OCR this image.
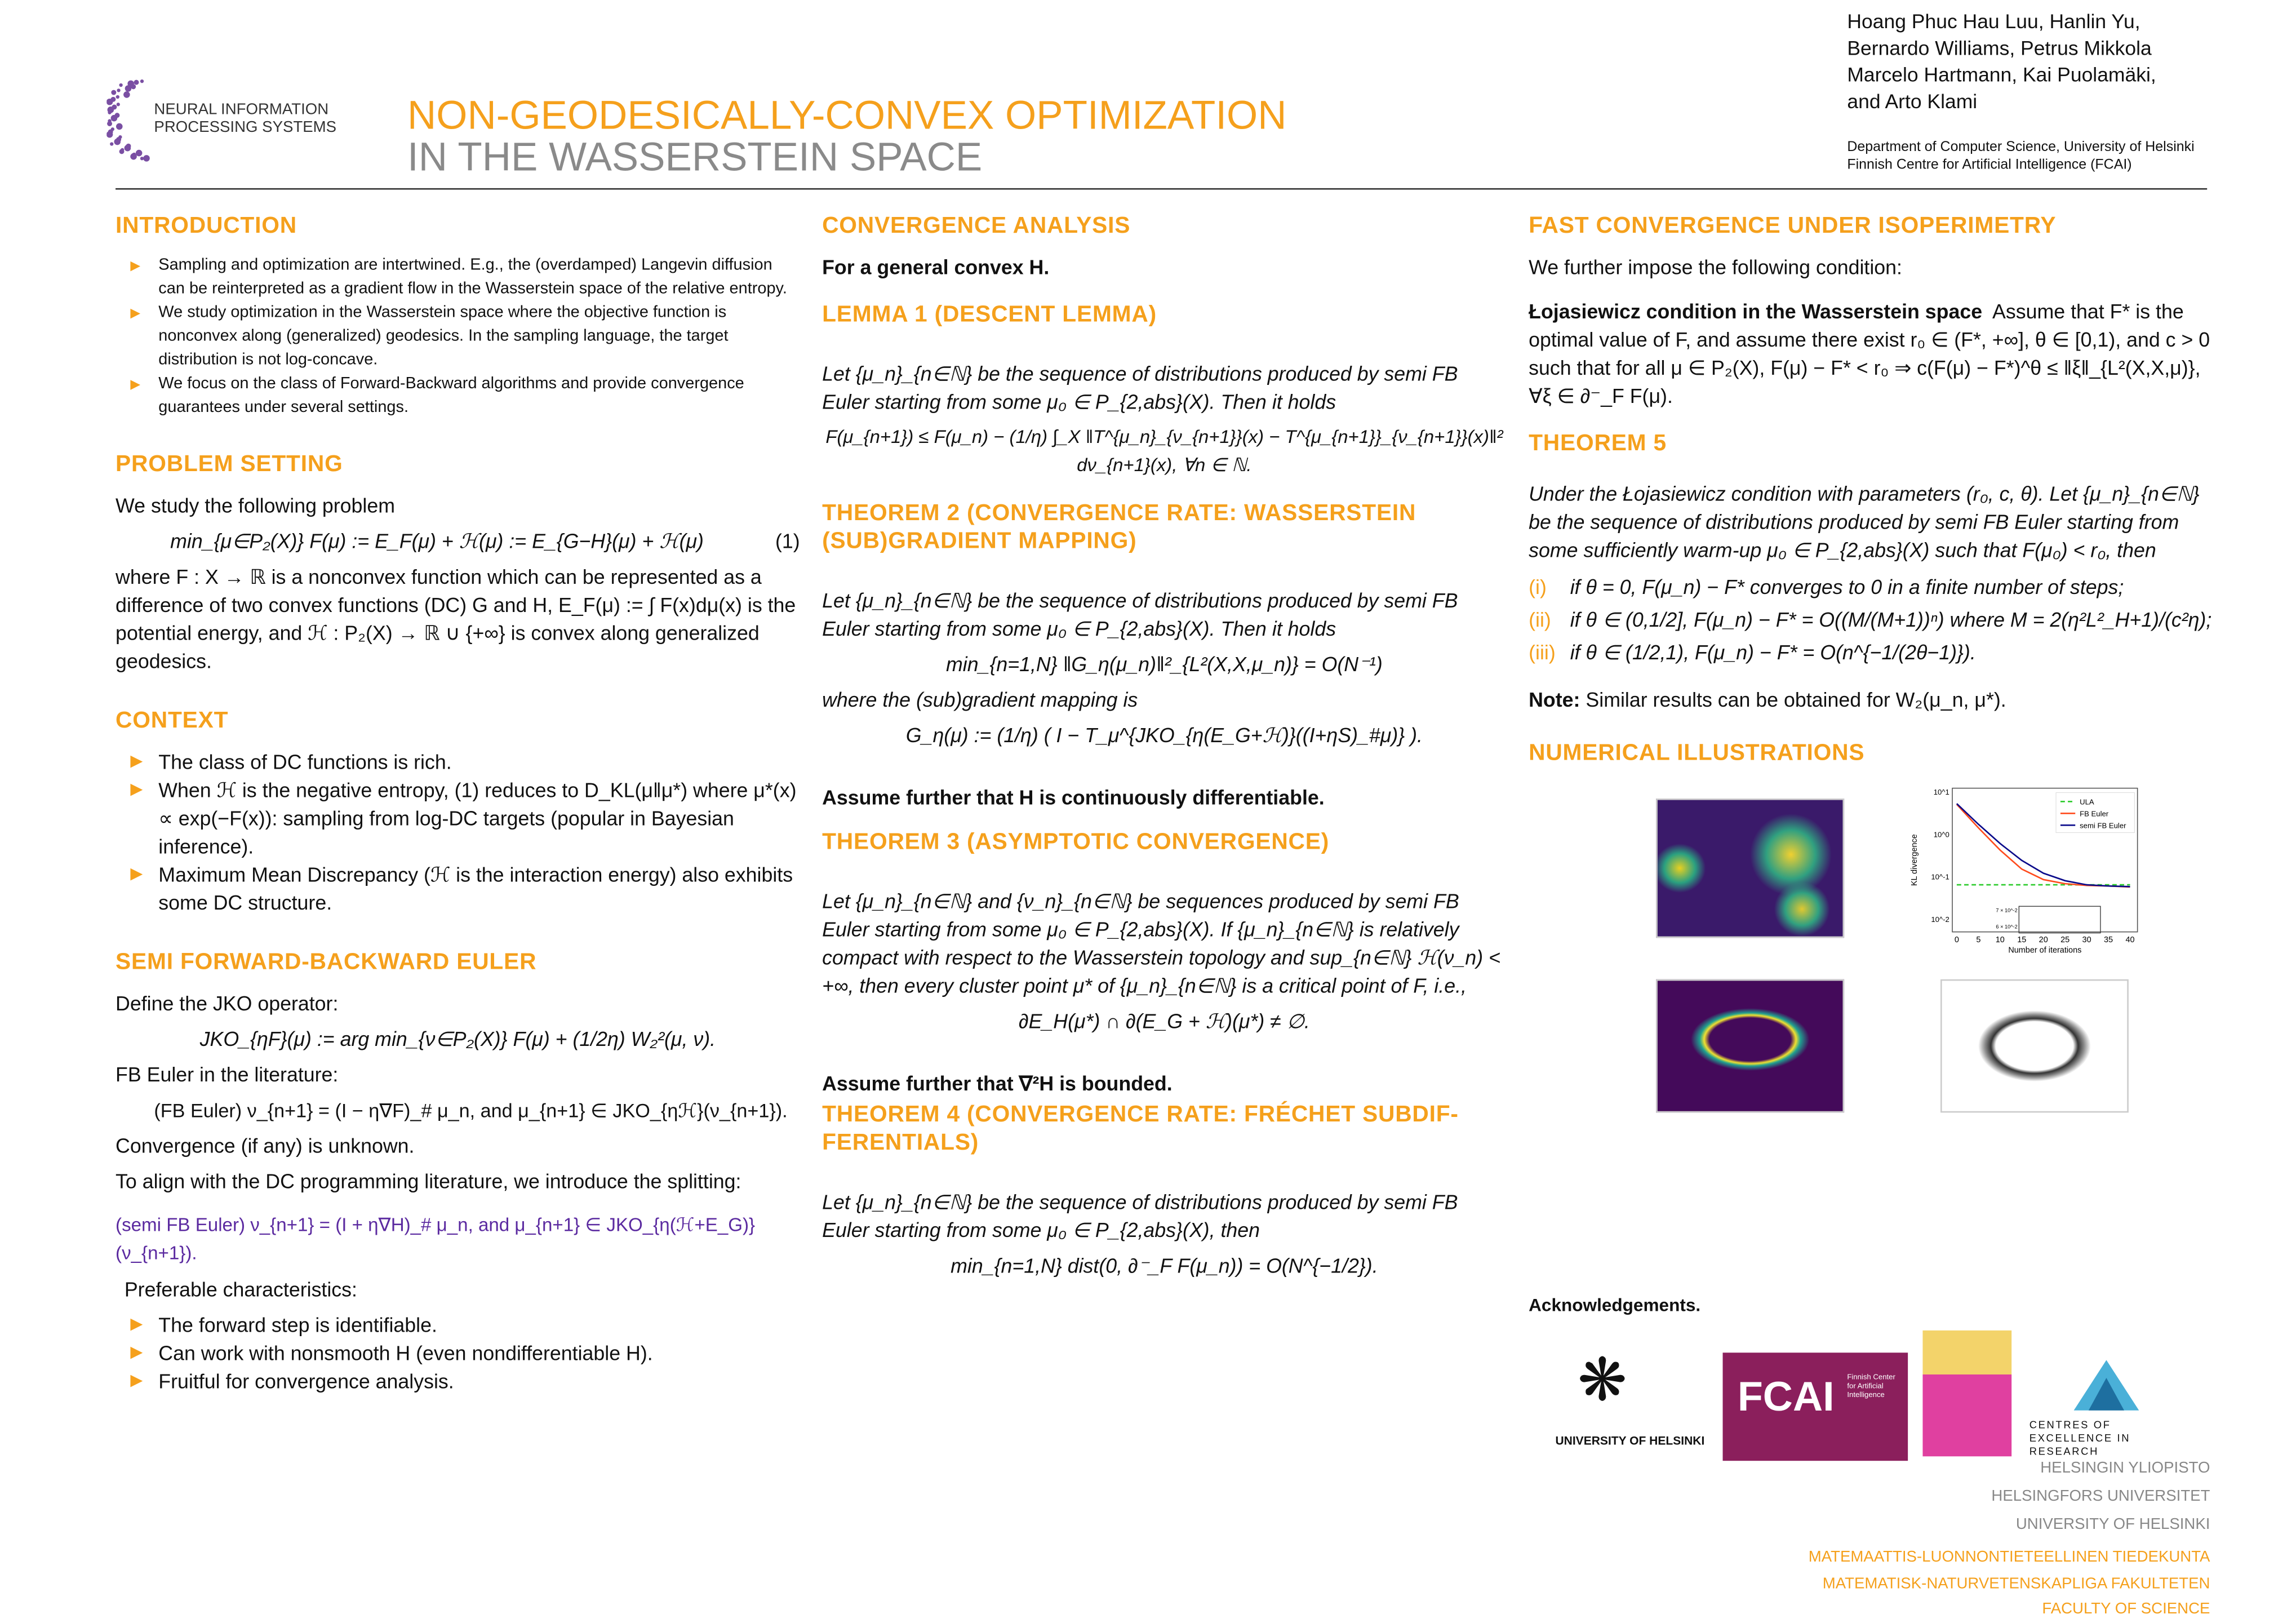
NEURAL INFORMATION
PROCESSING SYSTEMS	NON-GEODESICALLY-CONVEX OPTIMIZATION
IN THE WASSERSTEIN SPACE
Hoang Phuc Hau Luu, Hanlin Yu,
Bernardo Williams, Petrus Mikkola
Marcelo Hartmann, Kai Puolamäki,
and Arto Klami
Department of Computer Science, University of Helsinki
Finnish Centre for Artificial Intelligence (FCAI)
INTRODUCTION
▶ Sampling and optimization are intertwined. E.g., the (overdamped) Langevin diffusion can be reinterpreted as a gradient flow in the Wasserstein space of the relative entropy.
▶ We study optimization in the Wasserstein space where the objective function is nonconvex along (generalized) geodesics. In the sampling language, the target distribution is not log-concave.
▶ We focus on the class of Forward-Backward algorithms and provide convergence guarantees under several settings.
PROBLEM SETTING
We study the following problem
min_{μ∈P₂(X)} F(μ) := E_F(μ) + ℋ(μ) := E_{G−H}(μ) + ℋ(μ)	(1)
where F : X → ℝ is a nonconvex function which can be represented as a difference of two convex functions (DC) G and H, E_F(μ) := ∫ F(x)dμ(x) is the potential energy, and ℋ : P₂(X) → ℝ ∪ {+∞} is convex along generalized geodesics.
CONTEXT
▶ The class of DC functions is rich.
▶ When ℋ is the negative entropy, (1) reduces to D_KL(μ‖μ*) where μ*(x) ∝ exp(−F(x)): sampling from log-DC targets (popular in Bayesian inference).
▶ Maximum Mean Discrepancy (ℋ is the interaction energy) also exhibits some DC structure.
SEMI FORWARD-BACKWARD EULER
Define the JKO operator:
JKO_{ηF}(μ) := arg min_{ν∈P₂(X)} F(μ) + (1/2η) W₂²(μ, ν).
FB Euler in the literature:
(FB Euler) ν_{n+1} = (I − η∇F)_# μ_n, and μ_{n+1} ∈ JKO_{ηℋ}(ν_{n+1}).
Convergence (if any) is unknown.
To align with the DC programming literature, we introduce the splitting:
(semi FB Euler) ν_{n+1} = (I + η∇H)_# μ_n, and μ_{n+1} ∈ JKO_{η(ℋ+E_G)}(ν_{n+1}).
Preferable characteristics:
▶ The forward step is identifiable.
▶ Can work with nonsmooth H (even nondifferentiable H).
▶ Fruitful for convergence analysis.
CONVERGENCE ANALYSIS
For a general convex H.
LEMMA 1 (DESCENT LEMMA)
Let {μ_n}_{n∈ℕ} be the sequence of distributions produced by semi FB Euler starting from some μ₀ ∈ P_{2,abs}(X). Then it holds
F(μ_{n+1}) ≤ F(μ_n) − (1/η) ∫_X ‖T^{μ_n}_{ν_{n+1}}(x) − T^{μ_{n+1}}_{ν_{n+1}}(x)‖² dν_{n+1}(x), ∀n ∈ ℕ.
THEOREM 2 (CONVERGENCE RATE: WASSERSTEIN (SUB)GRADIENT MAPPING)
Let {μ_n}_{n∈ℕ} be the sequence of distributions produced by semi FB Euler starting from some μ₀ ∈ P_{2,abs}(X). Then it holds
min_{n=1,N} ‖G_η(μ_n)‖²_{L²(X,X,μ_n)} = O(N⁻¹)
where the (sub)gradient mapping is
G_η(μ) := (1/η) ( I − T_μ^{JKO_{η(E_G+ℋ)}((I+ηS)_#μ)} ).
Assume further that H is continuously differentiable.
THEOREM 3 (ASYMPTOTIC CONVERGENCE)
Let {μ_n}_{n∈ℕ} and {ν_n}_{n∈ℕ} be sequences produced by semi FB Euler starting from some μ₀ ∈ P_{2,abs}(X). If {μ_n}_{n∈ℕ} is relatively compact with respect to the Wasserstein topology and sup_{n∈ℕ} ℋ(ν_n) < +∞, then every cluster point μ* of {μ_n}_{n∈ℕ} is a critical point of F, i.e.,
∂E_H(μ*) ∩ ∂(E_G + ℋ)(μ*) ≠ ∅.
Assume further that ∇²H is bounded.
THEOREM 4 (CONVERGENCE RATE: FRÉCHET SUBDIF-FERENTIALS)
Let {μ_n}_{n∈ℕ} be the sequence of distributions produced by semi FB Euler starting from some μ₀ ∈ P_{2,abs}(X), then
min_{n=1,N} dist(0, ∂⁻_F F(μ_n)) = O(N^{−1/2}).
FAST CONVERGENCE UNDER ISOPERIMETRY
We further impose the following condition:
Łojasiewicz condition in the Wasserstein space Assume that F* is the optimal value of F, and assume there exist r₀ ∈ (F*, +∞], θ ∈ [0,1), and c > 0 such that for all μ ∈ P₂(X), F(μ) − F* < r₀ ⇒ c(F(μ) − F*)^θ ≤ ‖ξ‖_{L²(X,X,μ)}, ∀ξ ∈ ∂⁻_F F(μ).
THEOREM 5
Under the Łojasiewicz condition with parameters (r₀, c, θ). Let {μ_n}_{n∈ℕ} be the sequence of distributions produced by semi FB Euler starting from some sufficiently warm-up μ₀ ∈ P_{2,abs}(X) such that F(μ₀) < r₀, then
(i)	if θ = 0, F(μ_n) − F* converges to 0 in a finite number of steps;
(ii)	if θ ∈ (0,1/2], F(μ_n) − F* = O((M/(M+1))ⁿ) where M = 2(η²L²_H+1)/(c²η);
(iii)	if θ ∈ (1/2,1), F(μ_n) − F* = O(n^{−1/(2θ−1)}).
Note: Similar results can be obtained for W₂(μ_n, μ*).
NUMERICAL ILLUSTRATIONS
0	5	10	15	20	25	30	35	40
10^1
10^0
10^-1
10^-2
Number of iterations
KL divergence
ULA
FB Euler
semi FB Euler
7 × 10^-2
6 × 10^-2
Acknowledgements.
❋
UNIVERSITY OF HELSINKI
FCAI	Finnish Center for Artificial Intelligence
CENTRES OF EXCELLENCE IN RESEARCH
HELSINGIN YLIOPISTO
HELSINGFORS UNIVERSITET
UNIVERSITY OF HELSINKI
MATEMAATTIS-LUONNONTIETEELLINEN TIEDEKUNTA
MATEMATISK-NATURVETENSKAPLIGA FAKULTETEN
FACULTY OF SCIENCE
